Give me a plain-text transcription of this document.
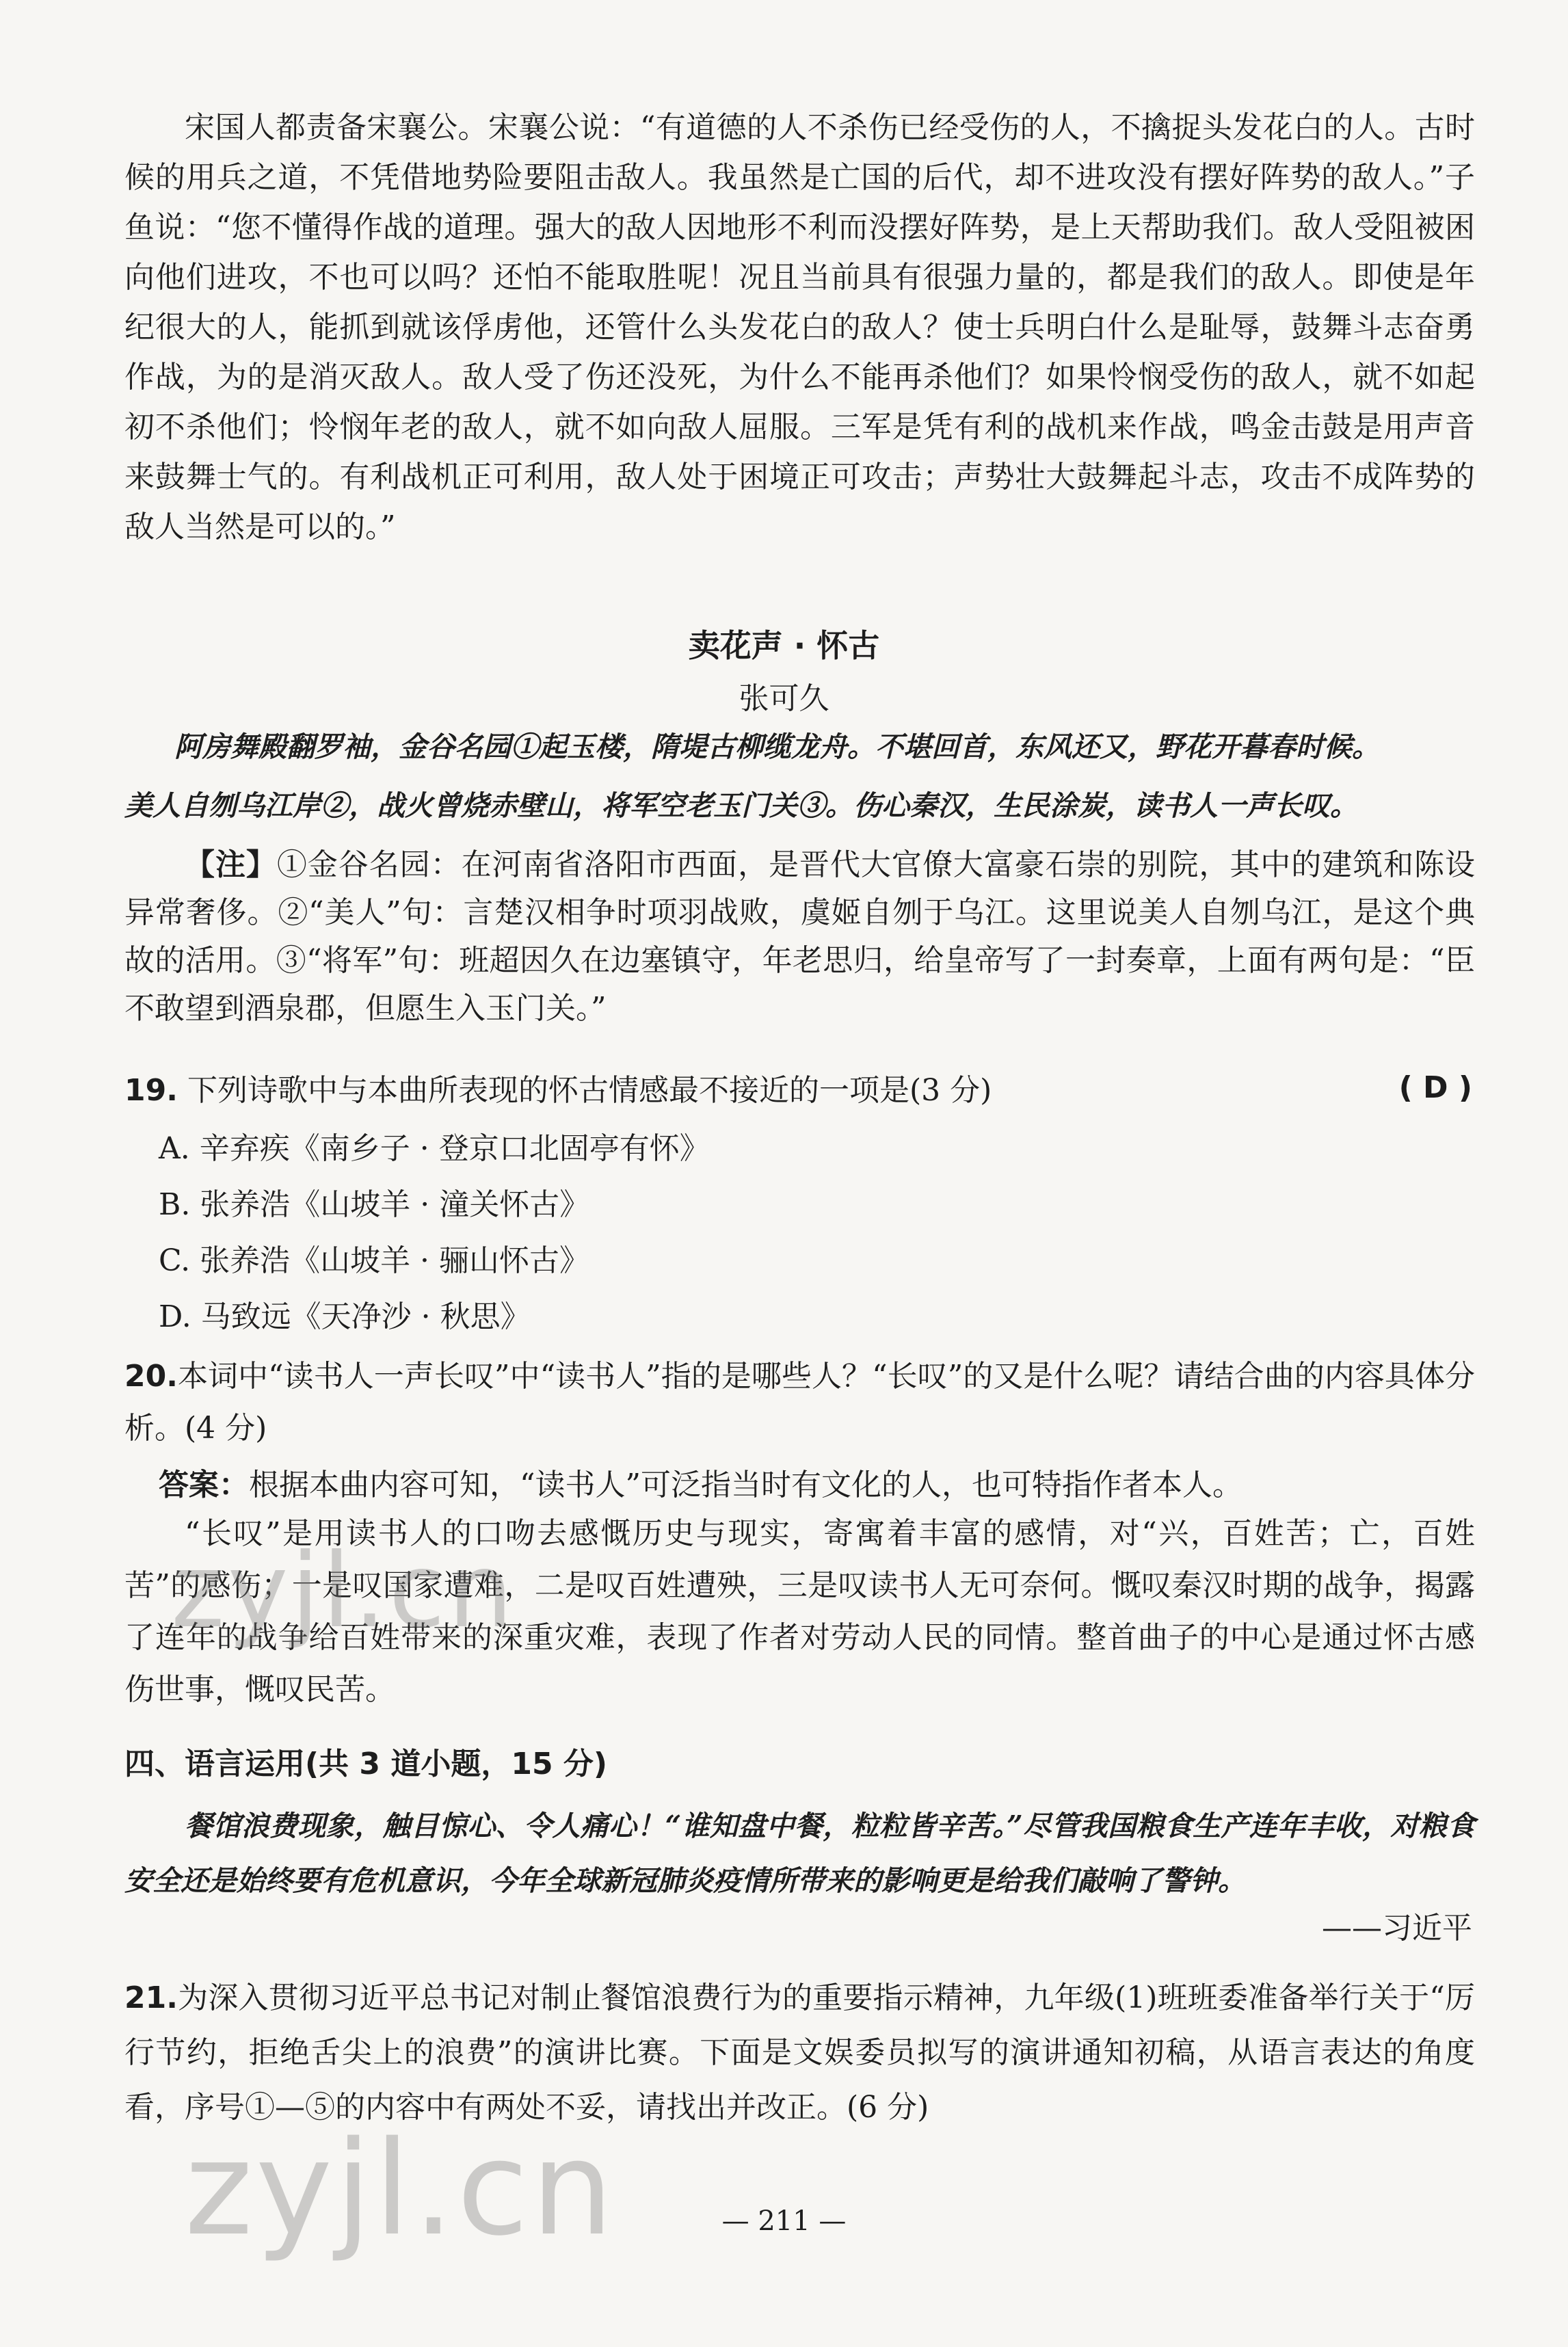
宋国人都责备宋襄公。宋襄公说：“有道德的人不杀伤已经受伤的人，不擒捉头发花白的人。古时候的用兵之道，不凭借地势险要阻击敌人。我虽然是亡国的后代，却不进攻没有摆好阵势的敌人。”子鱼说：“您不懂得作战的道理。强大的敌人因地形不利而没摆好阵势，是上天帮助我们。敌人受阻被困向他们进攻，不也可以吗？还怕不能取胜呢！况且当前具有很强力量的，都是我们的敌人。即使是年纪很大的人，能抓到就该俘虏他，还管什么头发花白的敌人？使士兵明白什么是耻辱，鼓舞斗志奋勇作战，为的是消灭敌人。敌人受了伤还没死，为什么不能再杀他们？如果怜悯受伤的敌人，就不如起初不杀他们；怜悯年老的敌人，就不如向敌人屈服。三军是凭有利的战机来作战，鸣金击鼓是用声音来鼓舞士气的。有利战机正可利用，敌人处于困境正可攻击；声势壮大鼓舞起斗志，攻击不成阵势的敌人当然是可以的。”

卖花声 · 怀古

张可久

阿房舞殿翻罗袖，金谷名园①起玉楼，隋堤古柳缆龙舟。不堪回首，东风还又，野花开暮春时候。

美人自刎乌江岸②，战火曾烧赤壁山，将军空老玉门关③。伤心秦汉，生民涂炭，读书人一声长叹。

【注】①金谷名园：在河南省洛阳市西面，是晋代大官僚大富豪石崇的别院，其中的建筑和陈设异常奢侈。②“美人”句：言楚汉相争时项羽战败，虞姬自刎于乌江。这里说美人自刎乌江，是这个典故的活用。③“将军”句：班超因久在边塞镇守，年老思归，给皇帝写了一封奏章，上面有两句是：“臣不敢望到酒泉郡，但愿生入玉门关。”

19. 下列诗歌中与本曲所表现的怀古情感最不接近的一项是(3 分)	( D )

A. 辛弃疾《南乡子 · 登京口北固亭有怀》

B. 张养浩《山坡羊 · 潼关怀古》

C. 张养浩《山坡羊 · 骊山怀古》

D. 马致远《天净沙 · 秋思》

20.本词中“读书人一声长叹”中“读书人”指的是哪些人？“长叹”的又是什么呢？请结合曲的内容具体分析。(4 分)

答案：根据本曲内容可知，“读书人”可泛指当时有文化的人，也可特指作者本人。

“长叹”是用读书人的口吻去感慨历史与现实，寄寓着丰富的感情，对“兴，百姓苦；亡，百姓苦”的感伤；一是叹国家遭难，二是叹百姓遭殃，三是叹读书人无可奈何。慨叹秦汉时期的战争，揭露了连年的战争给百姓带来的深重灾难，表现了作者对劳动人民的同情。整首曲子的中心是通过怀古感伤世事，慨叹民苦。

四、语言运用(共 3 道小题，15 分)

餐馆浪费现象，触目惊心、令人痛心！“谁知盘中餐，粒粒皆辛苦。”尽管我国粮食生产连年丰收，对粮食安全还是始终要有危机意识，今年全球新冠肺炎疫情所带来的影响更是给我们敲响了警钟。

——习近平

21.为深入贯彻习近平总书记对制止餐馆浪费行为的重要指示精神，九年级(1)班班委准备举行关于“厉行节约，拒绝舌尖上的浪费”的演讲比赛。下面是文娱委员拟写的演讲通知初稿，从语言表达的角度看，序号①—⑤的内容中有两处不妥，请找出并改正。(6 分)

zyjl.cn
zyjl.cn	— 211 —
